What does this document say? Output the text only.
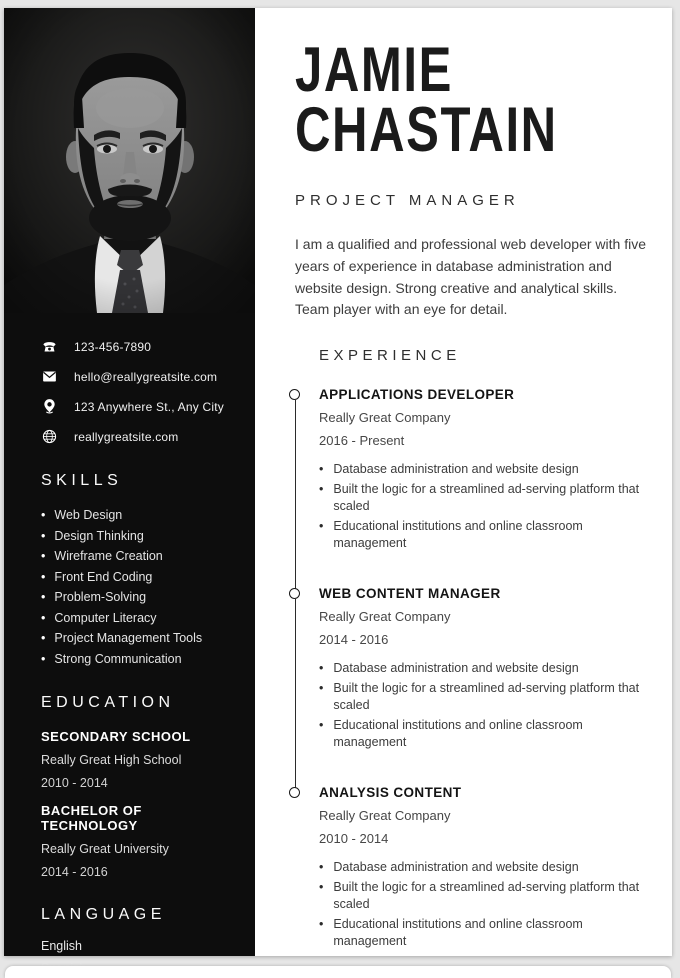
123-456-7890
hello@reallygreatsite.com
123 Anywhere St., Any City
reallygreatsite.com
SKILLS
• Web Design
• Design Thinking
• Wireframe Creation
• Front End Coding
• Problem-Solving
• Computer Literacy
• Project Management Tools
• Strong Communication
EDUCATION
SECONDARY SCHOOL
Really Great High School
2010 - 2014
BACHELOR OF TECHNOLOGY
Really Great University
2014 - 2016
LANGUAGE
English
JAMIE
CHASTAIN
PROJECT MANAGER

I am a qualified and professional web developer with five years of experience in database administration and website design. Strong creative and analytical skills. Team player with an eye for detail.

EXPERIENCE
APPLICATIONS DEVELOPER
Really Great Company
2016 - Present
• Database administration and website design
• Built the logic for a streamlined ad-serving platform that scaled
• Educational institutions and online classroom management
WEB CONTENT MANAGER
Really Great Company
2014 - 2016
• Database administration and website design
• Built the logic for a streamlined ad-serving platform that scaled
• Educational institutions and online classroom management
ANALYSIS CONTENT
Really Great Company
2010 - 2014
• Database administration and website design
• Built the logic for a streamlined ad-serving platform that scaled
• Educational institutions and online classroom management
